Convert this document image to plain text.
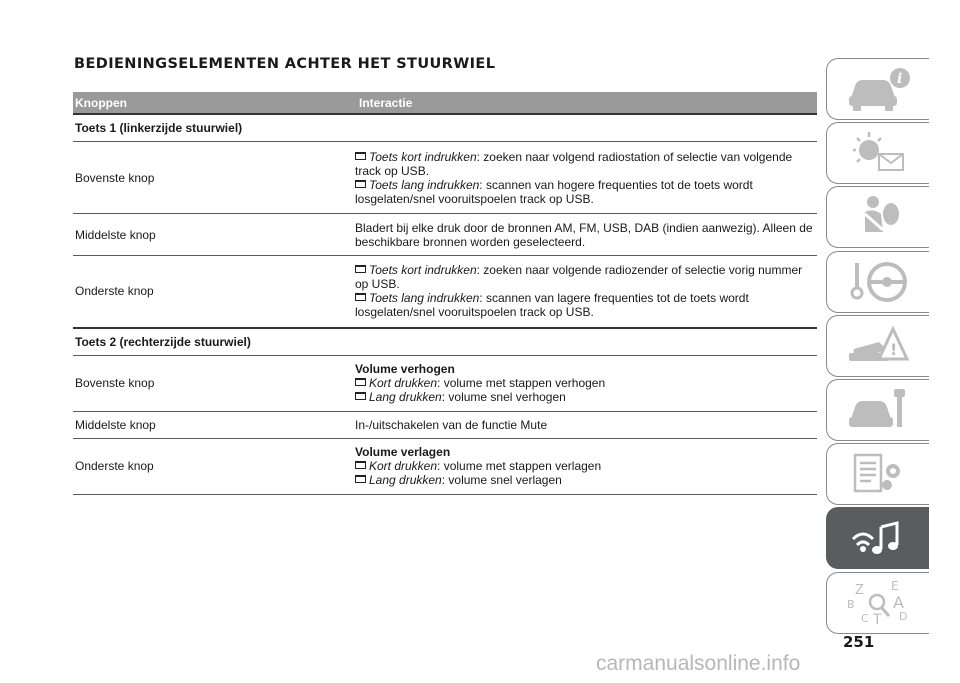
BEDIENINGSELEMENTEN ACHTER HET STUURWIEL
Knoppen	Interactie
Toets 1 (linkerzijde stuurwiel)	
Bovenste knop	Toets kort indrukken: zoeken naar volgend radiostation of selectie van volgende track op USB.
Toets lang indrukken: scannen van hogere frequenties tot de toets wordt losgelaten/snel vooruitspoelen track op USB.
Middelste knop	Bladert bij elke druk door de bronnen AM, FM, USB, DAB (indien aanwezig). Alleen de beschikbare bronnen worden geselecteerd.
Onderste knop	Toets kort indrukken: zoeken naar volgende radiozender of selectie vorig nummer op USB.
Toets lang indrukken: scannen van lagere frequenties tot de toets wordt losgelaten/snel vooruitspoelen track op USB.
Toets 2 (rechterzijde stuurwiel)	
Bovenste knop	Volume verhogen
Kort drukken: volume met stappen verhogen
Lang drukken: volume snel verhogen
Middelste knop	In-/uitschakelen van de functie Mute
Onderste knop	Volume verlagen
Kort drukken: volume met stappen verlagen
Lang drukken: volume snel verlagen
i
!
Z E
B A
C T D
251
carmanualsonline.info
